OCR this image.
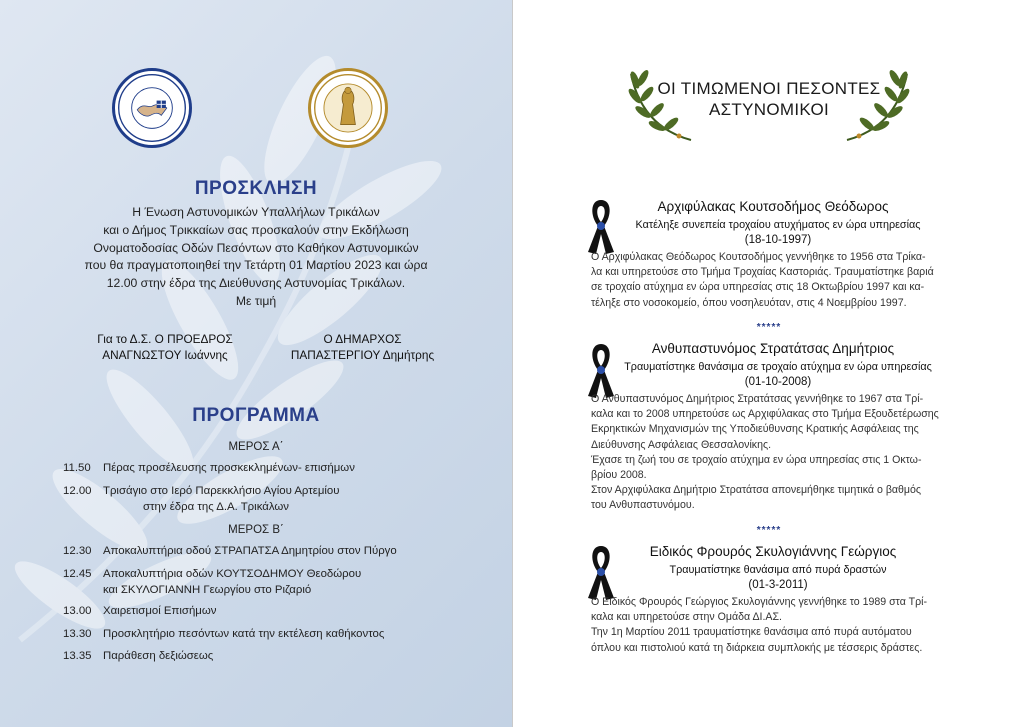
ΠΡΟΣΚΛΗΣΗ
Η Ένωση Αστυνομικών Υπαλλήλων Τρικάλων
και ο Δήμος Τρικκαίων σας προσκαλούν στην Εκδήλωση
Ονοματοδοσίας Οδών Πεσόντων στο Καθήκον Αστυνομικών
που θα πραγματοποιηθεί την Τετάρτη 01 Μαρτίου 2023 και ώρα
12.00 στην έδρα της Διεύθυνσης Αστυνομίας Τρικάλων.
Με τιμή
Για το Δ.Σ. Ο ΠΡΟΕΔΡΟΣ
ΑΝΑΓΝΩΣΤΟΥ Ιωάννης
Ο ΔΗΜΑΡΧΟΣ
ΠΑΠΑΣΤΕΡΓΙΟΥ Δημήτρης
ΠΡΟΓΡΑΜΜΑ
ΜΕΡΟΣ Α΄
11.50	Πέρας προσέλευσης προσκεκλημένων- επισήμων
12.00	Τρισάγιο στο Ιερό Παρεκκλήσιο Αγίου Αρτεμίου
στην έδρα της Δ.Α. Τρικάλων
ΜΕΡΟΣ Β΄
12.30	Αποκαλυπτήρια οδού ΣΤΡΑΠΑΤΣΑ Δημητρίου στον Πύργο
12.45	Αποκαλυπτήρια οδών ΚΟΥΤΣΟΔΗΜΟΥ Θεοδώρου
και ΣΚΥΛΟΓΙΑΝΝΗ Γεωργίου στο Ριζαριό
13.00	Χαιρετισμοί Επισήμων
13.30	Προσκλητήριο πεσόντων κατά την εκτέλεση καθήκοντος
13.35	Παράθεση δεξιώσεως
ΟΙ ΤΙΜΩΜΕΝΟΙ ΠΕΣΟΝΤΕΣ
ΑΣΤΥΝΟΜΙΚΟΙ
Αρχιφύλακας Κουτσοδήμος Θεόδωρος
Κατέληξε συνεπεία τροχαίου ατυχήματος εν ώρα υπηρεσίας
(18-10-1997)
Ο Αρχιφύλακας Θεόδωρος Κουτσοδήμος γεννήθηκε το 1956 στα Τρίκα-
λα και υπηρετούσε στο Τμήμα Τροχαίας Καστοριάς. Τραυματίστηκε βαριά
σε τροχαίο ατύχημα εν ώρα υπηρεσίας στις 18 Οκτωβρίου 1997 και κα-
τέληξε στο νοσοκομείο, όπου νοσηλευόταν, στις 4 Νοεμβρίου 1997.
*****
Ανθυπαστυνόμος Στρατάτσας Δημήτριος
Τραυματίστηκε θανάσιμα σε τροχαίο ατύχημα εν ώρα υπηρεσίας
(01-10-2008)
Ο Ανθυπαστυνόμος Δημήτριος Στρατάτσας γεννήθηκε το 1967 στα Τρί-
καλα και το 2008 υπηρετούσε ως Αρχιφύλακας στο Τμήμα Εξουδετέρωσης
Εκρηκτικών Μηχανισμών της Υποδιεύθυνσης Κρατικής Ασφάλειας της
Διεύθυνσης Ασφάλειας Θεσσαλονίκης.
Έχασε τη ζωή του σε τροχαίο ατύχημα εν ώρα υπηρεσίας στις 1 Οκτω-
βρίου 2008.
Στον Αρχιφύλακα Δημήτριο Στρατάτσα απονεμήθηκε τιμητικά ο βαθμός
του Ανθυπαστυνόμου.
*****
Ειδικός Φρουρός Σκυλογιάννης Γεώργιος
Τραυματίστηκε θανάσιμα από πυρά δραστών
(01-3-2011)
Ο Ειδικός Φρουρός Γεώργιος Σκυλογιάννης γεννήθηκε το 1989 στα Τρί-
καλα και υπηρετούσε στην Ομάδα ΔΙ.ΑΣ.
Την 1η Μαρτίου 2011 τραυματίστηκε θανάσιμα από πυρά αυτόματου
όπλου και πιστολιού κατά τη διάρκεια συμπλοκής με τέσσερις δράστες.
